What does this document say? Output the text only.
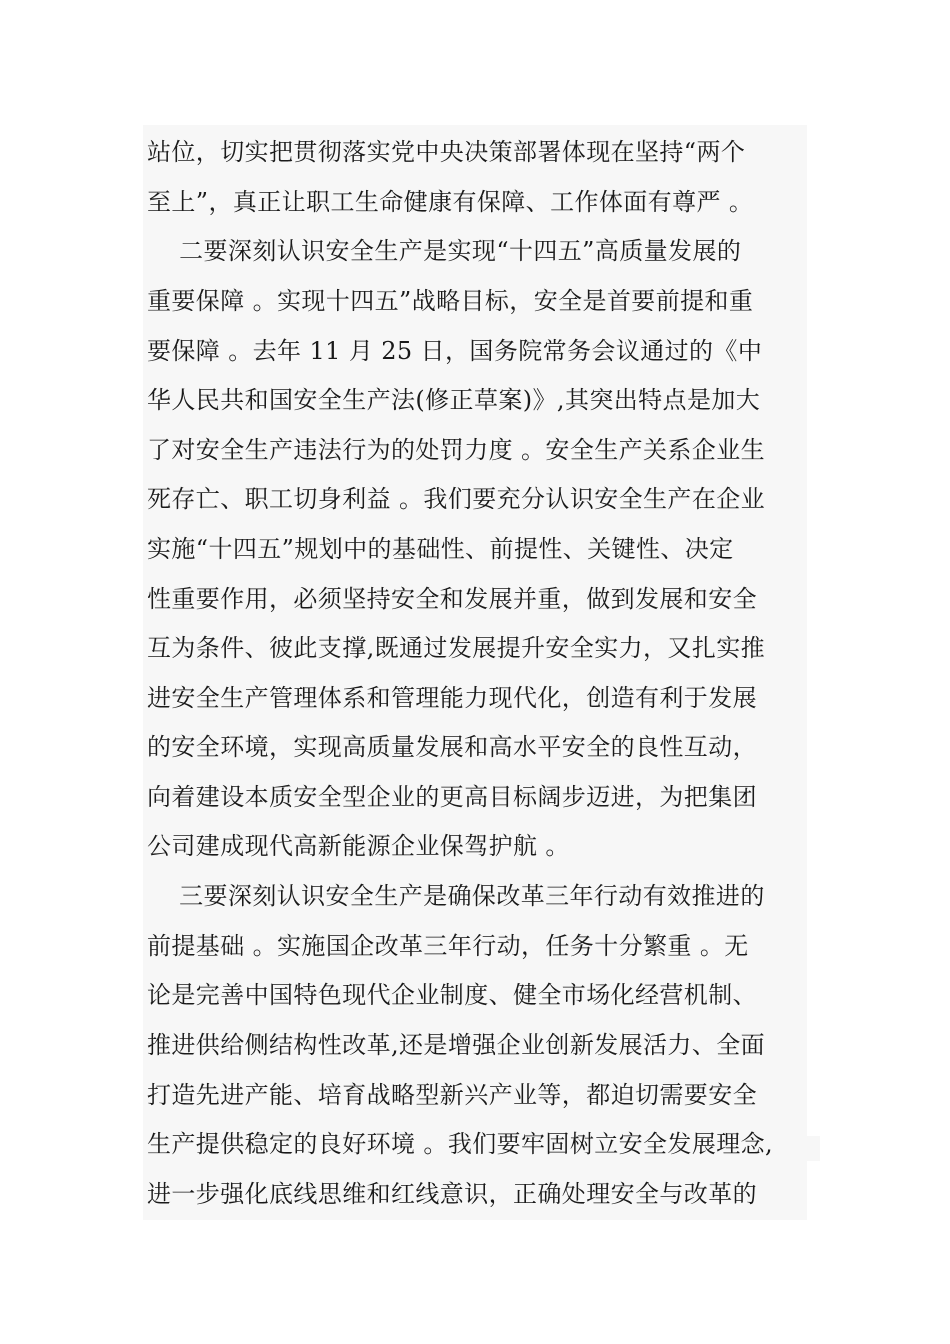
站位，切实把贯彻落实党中央决策部署体现在坚持“两个

至上”，真正让职工生命健康有保障、工作体面有尊严 。

二要深刻认识安全生产是实现“十四五”高质量发展的

重要保障 。实现十四五”战略目标，安全是首要前提和重

要保障 。去年 11 月 25 日，国务院常务会议通过的《中

华人民共和国安全生产法(修正草案)》,其突出特点是加大

了对安全生产违法行为的处罚力度 。安全生产关系企业生

死存亡、职工切身利益 。我们要充分认识安全生产在企业

实施“十四五”规划中的基础性、前提性、关键性、决定

性重要作用，必须坚持安全和发展并重，做到发展和安全

互为条件、彼此支撑,既通过发展提升安全实力，又扎实推

进安全生产管理体系和管理能力现代化，创造有利于发展

的安全环境，实现高质量发展和高水平安全的良性互动，

向着建设本质安全型企业的更高目标阔步迈进，为把集团

公司建成现代高新能源企业保驾护航 。

三要深刻认识安全生产是确保改革三年行动有效推进的

前提基础 。实施国企改革三年行动，任务十分繁重 。无

论是完善中国特色现代企业制度、健全市场化经营机制、

推进供给侧结构性改革,还是增强企业创新发展活力、全面

打造先进产能、培育战略型新兴产业等，都迫切需要安全

生产提供稳定的良好环境 。我们要牢固树立安全发展理念,

进一步强化底线思维和红线意识，正确处理安全与改革的
